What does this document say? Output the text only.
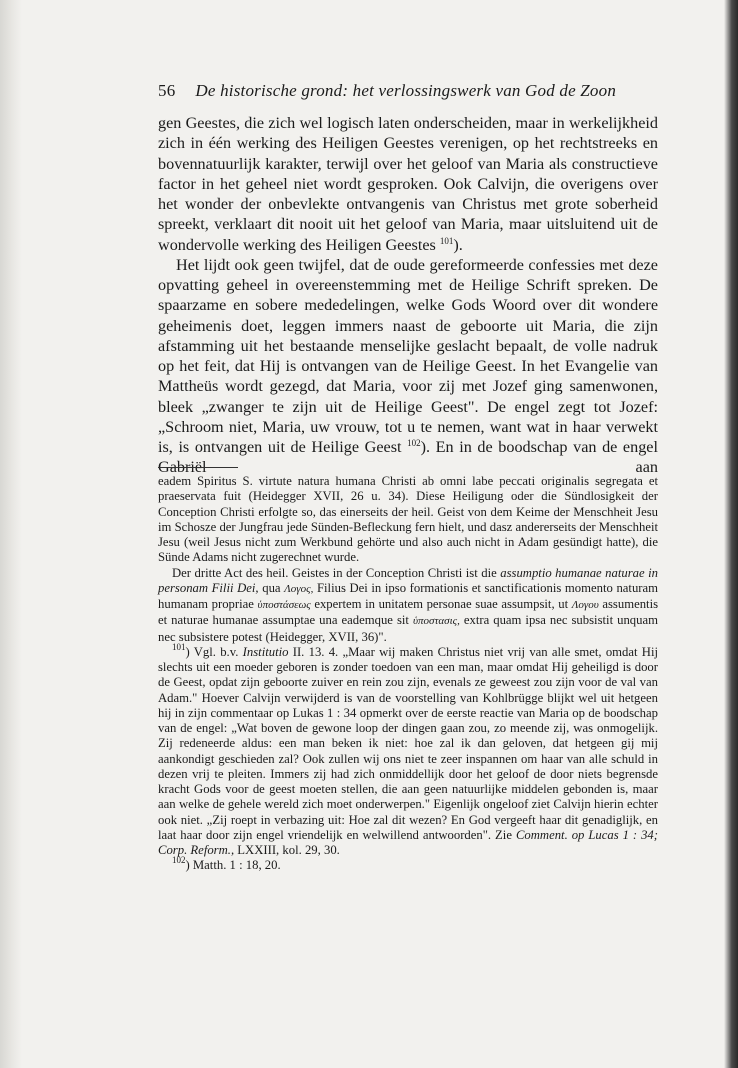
56 De historische grond: het verlossingswerk van God de Zoon

gen Geestes, die zich wel logisch laten onderscheiden, maar in werkelijkheid zich in één werking des Heiligen Geestes verenigen, op het rechtstreeks en bovennatuurlijk karakter, terwijl over het geloof van Maria als constructieve factor in het geheel niet wordt gesproken. Ook Calvijn, die overigens over het wonder der onbevlekte ontvangenis van Christus met grote soberheid spreekt, verklaart dit nooit uit het geloof van Maria, maar uitsluitend uit de wondervolle werking des Heiligen Geestes $^{101}$).

Het lijdt ook geen twijfel, dat de oude gereformeerde confessies met deze opvatting geheel in overeenstemming met de Heilige Schrift spreken. De spaarzame en sobere mededelingen, welke Gods Woord over dit wondere geheimenis doet, leggen immers naast de geboorte uit Maria, die zijn afstamming uit het bestaande menselijke geslacht bepaalt, de volle nadruk op het feit, dat Hij is ontvangen van de Heilige Geest. In het Evangelie van Mattheüs wordt gezegd, dat Maria, voor zij met Jozef ging samenwonen, bleek „zwanger te zijn uit de Heilige Geest". De engel zegt tot Jozef: „Schroom niet, Maria, uw vrouw, tot u te nemen, want wat in haar verwekt is, is ontvangen uit de Heilige Geest $^{102}$). En in de boodschap van de engel Gabriël aan

eadem Spiritus S. virtute natura humana Christi ab omni labe peccati originalis segregata et praeservata fuit (Heidegger XVII, 26 u. 34). Diese Heiligung oder die Sündlosigkeit der Conception Christi erfolgte so, das einerseits der heil. Geist von dem Keime der Menschheit Jesu im Schosze der Jungfrau jede Sünden-Befleckung fern hielt, und dasz andererseits der Menschheit Jesu (weil Jesus nicht zum Werkbund gehörte und also auch nicht in Adam gesündigt hatte), die Sünde Adams nicht zugerechnet wurde.

Der dritte Act des heil. Geistes in der Conception Christi ist die assumptio humanae naturae in personam Filii Dei, qua Λογος, Filius Dei in ipso formationis et sanctificationis momento naturam humanam propriae ὑποστάσεως expertem in unitatem personae suae assumpsit, ut Λογου assumentis et naturae humanae assumptae una eademque sit ὑποστασις, extra quam ipsa nec subsistit unquam nec subsistere potest (Heidegger, XVII, 36)".

$^{101}$) Vgl. b.v. Institutio II. 13. 4. „Maar wij maken Christus niet vrij van alle smet, omdat Hij slechts uit een moeder geboren is zonder toedoen van een man, maar omdat Hij geheiligd is door de Geest, opdat zijn geboorte zuiver en rein zou zijn, evenals ze geweest zou zijn voor de val van Adam." Hoever Calvijn verwijderd is van de voorstelling van Kohlbrügge blijkt wel uit hetgeen hij in zijn commentaar op Lukas 1 : 34 opmerkt over de eerste reactie van Maria op de boodschap van de engel: „Wat boven de gewone loop der dingen gaan zou, zo meende zij, was onmogelijk. Zij redeneerde aldus: een man beken ik niet: hoe zal ik dan geloven, dat hetgeen gij mij aankondigt geschieden zal? Ook zullen wij ons niet te zeer inspannen om haar van alle schuld in dezen vrij te pleiten. Immers zij had zich onmiddellijk door het geloof de door niets begrensde kracht Gods voor de geest moeten stellen, die aan geen natuurlijke middelen gebonden is, maar aan welke de gehele wereld zich moet onderwerpen." Eigenlijk ongeloof ziet Calvijn hierin echter ook niet. „Zij roept in verbazing uit: Hoe zal dit wezen? En God vergeeft haar dit genadiglijk, en laat haar door zijn engel vriendelijk en welwillend antwoorden". Zie Comment. op Lucas 1 : 34; Corp. Reform., LXXIII, kol. 29, 30.

$^{102}$) Matth. 1 : 18, 20.
